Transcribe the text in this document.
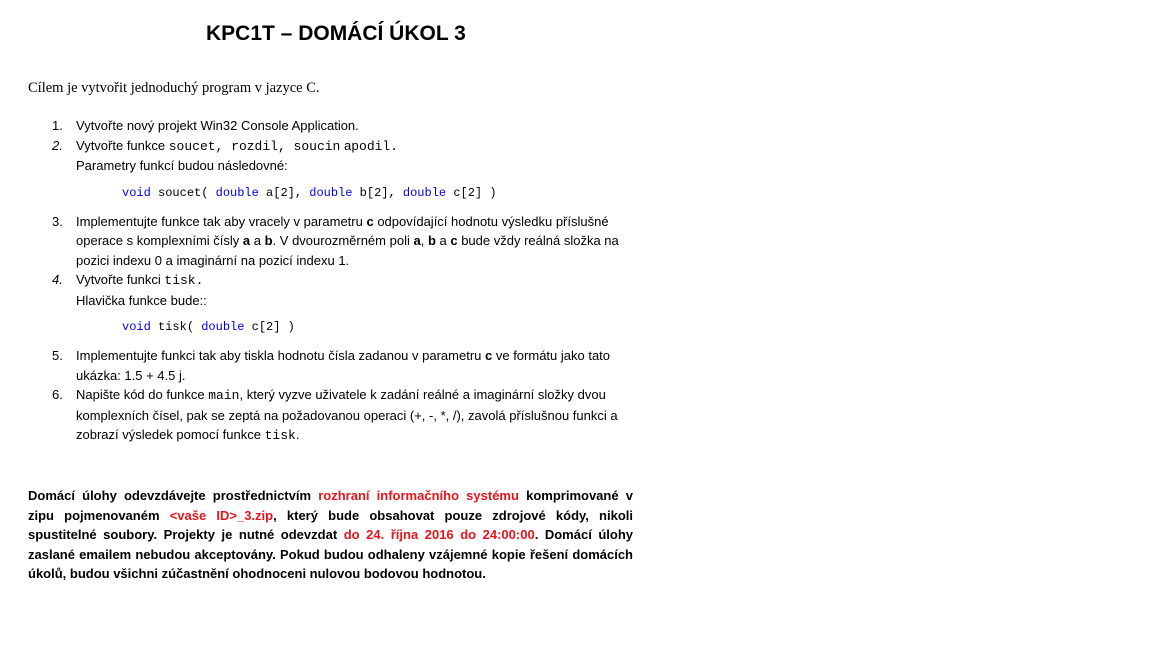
KPC1T – DOMÁCÍ ÚKOL 3
Cílem je vytvořit jednoduchý program v jazyce C.
1. Vytvořte nový projekt Win32 Console Application.
2. Vytvořte funkce soucet, rozdil, soucin apodil.
Parametry funkcí budou následovné:
void soucet( double a[2], double b[2], double c[2] )
3. Implementujte funkce tak aby vracely v parametru c odpovídající hodnotu výsledku příslušné operace s komplexními čísly a a b. V dvourozměrném poli a, b a c bude vždy reálná složka na pozici indexu 0 a imaginární na pozicí indexu 1.
4. Vytvořte funkci tisk.
Hlavička funkce bude::
void tisk( double c[2] )
5. Implementujte funkci tak aby tiskla hodnotu čísla zadanou v parametru c ve formátu jako tato ukázka: 1.5 + 4.5 j.
6. Napište kód do funkce main, který vyzve uživatele k zadání reálné a imaginární složky dvou komplexních čísel, pak se zeptá na požadovanou operaci (+, -, *, /), zavolá příslušnou funkci a zobrazí výsledek pomocí funkce tisk.
Domácí úlohy odevzdávejte prostřednictvím rozhraní informačního systému komprimované v zipu pojmenovaném <vaše ID>_3.zip, který bude obsahovat pouze zdrojové kódy, nikoli spustitelné soubory. Projekty je nutné odevzdat do 24. října 2016 do 24:00:00. Domácí úlohy zaslané emailem nebudou akceptovány. Pokud budou odhaleny vzájemné kopie řešení domácích úkolů, budou všichni zúčastnění ohodnoceni nulovou bodovou hodnotou.
